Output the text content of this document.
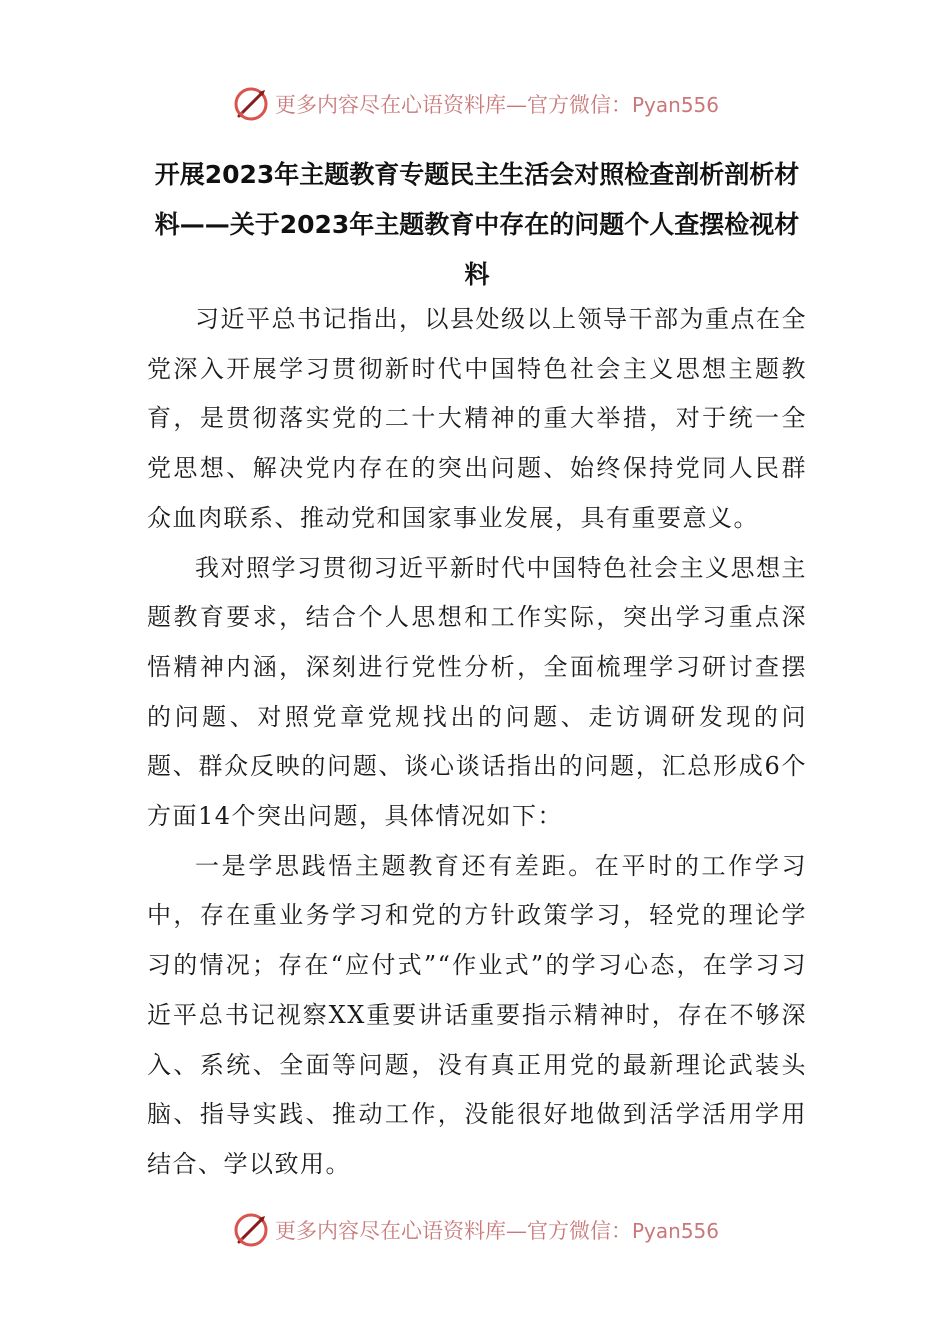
更多内容尽在心语资料库—官方微信：Pyan556
开展2023年主题教育专题民主生活会对照检查剖析剖析材料——关于2023年主题教育中存在的问题个人查摆检视材料

习近平总书记指出，以县处级以上领导干部为重点在全党深入开展学习贯彻新时代中国特色社会主义思想主题教育，是贯彻落实党的二十大精神的重大举措，对于统一全党思想、解决党内存在的突出问题、始终保持党同人民群众血肉联系、推动党和国家事业发展，具有重要意义。

我对照学习贯彻习近平新时代中国特色社会主义思想主题教育要求，结合个人思想和工作实际，突出学习重点深悟精神内涵，深刻进行党性分析，全面梳理学习研讨查摆的问题、对照党章党规找出的问题、走访调研发现的问题、群众反映的问题、谈心谈话指出的问题，汇总形成6个方面14个突出问题，具体情况如下：

一是学思践悟主题教育还有差距。在平时的工作学习中，存在重业务学习和党的方针政策学习，轻党的理论学习的情况；存在“应付式”“作业式”的学习心态，在学习习近平总书记视察XX重要讲话重要指示精神时，存在不够深入、系统、全面等问题，没有真正用党的最新理论武装头脑、指导实践、推动工作，没能很好地做到活学活用学用结合、学以致用。

更多内容尽在心语资料库—官方微信：Pyan556
